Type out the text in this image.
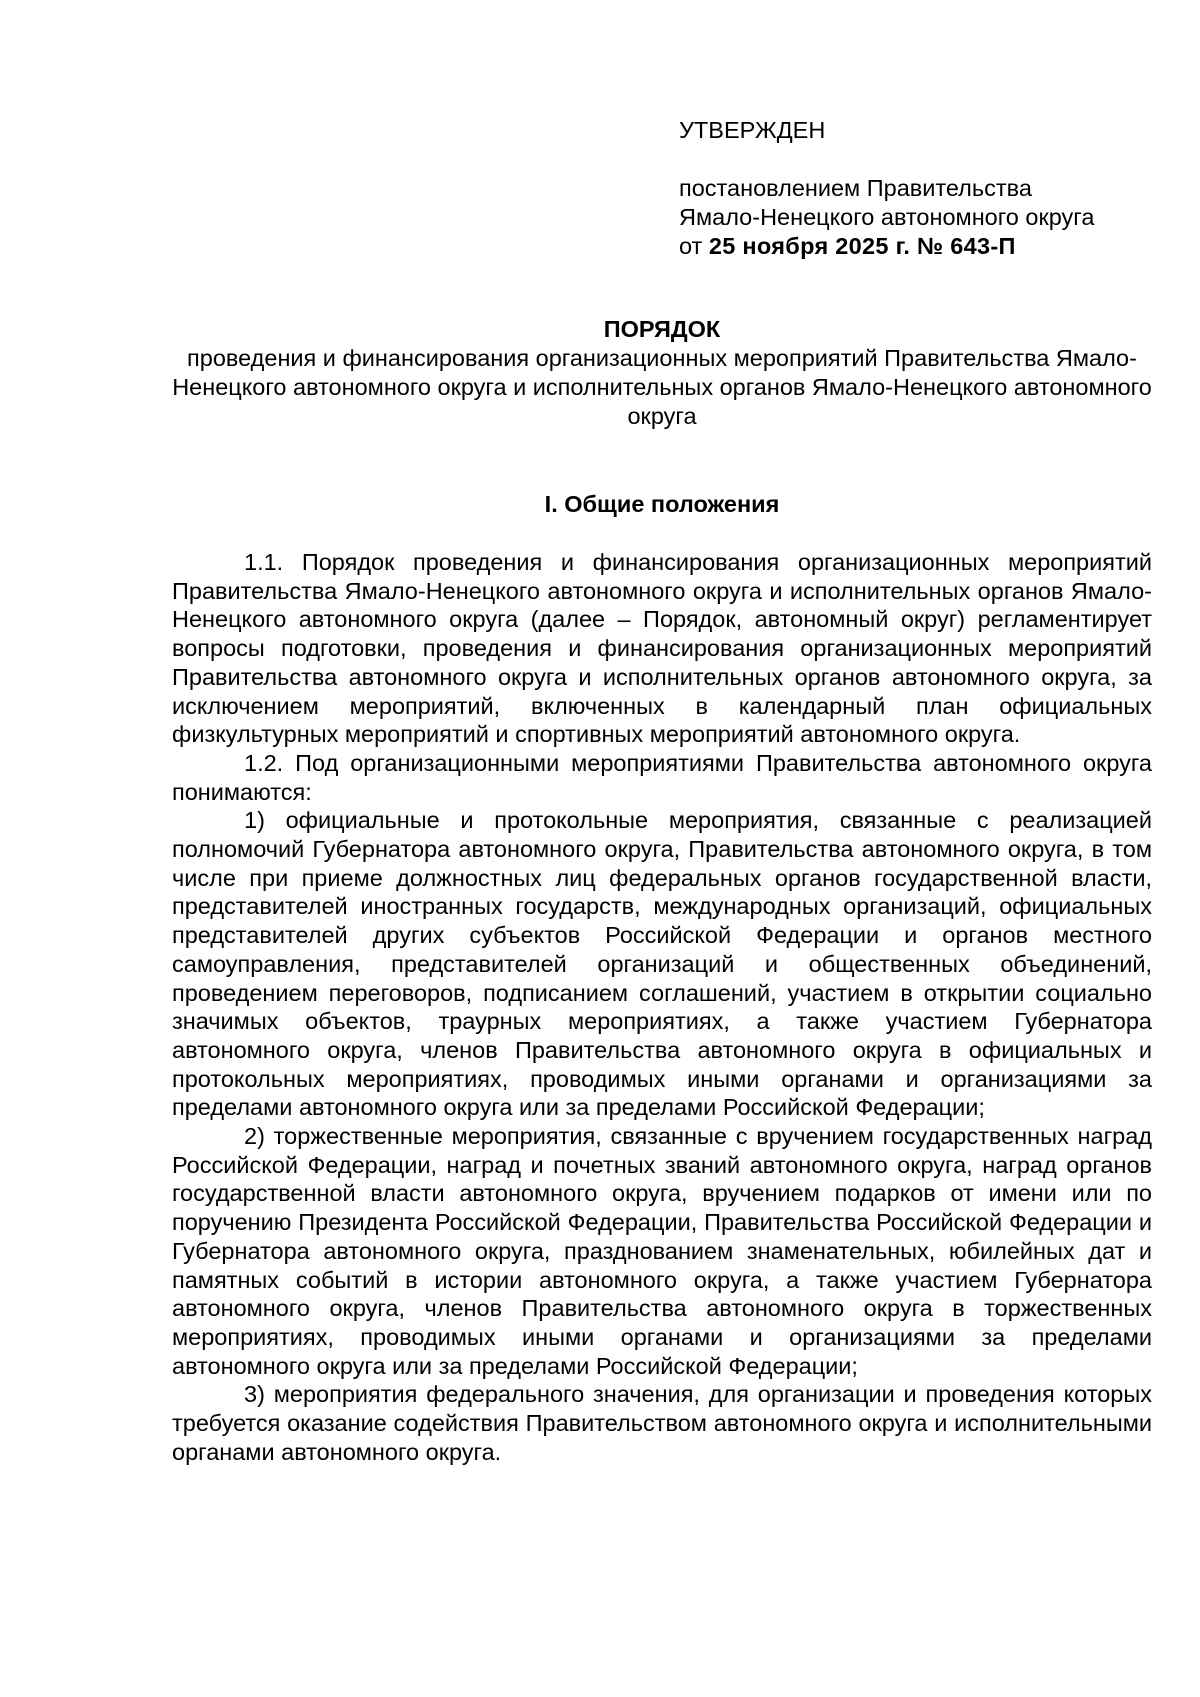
УТВЕРЖДЕН

постановлением Правительства

Ямало-Ненецкого автономного округа

от 25 ноября 2025 г. № 643-П

ПОРЯДОК

проведения и финансирования организационных мероприятий Правительства Ямало-Ненецкого автономного округа и исполнительных органов Ямало-Ненецкого автономного округа

I. Общие положения

1.1. Порядок проведения и финансирования организационных мероприятий Правительства Ямало-Ненецкого автономного округа и исполнительных органов Ямало-Ненецкого автономного округа (далее – Порядок, автономный округ) регламентирует вопросы подготовки, проведения и финансирования организационных мероприятий Правительства автономного округа и исполнительных органов автономного округа, за исключением мероприятий, включенных в календарный план официальных физкультурных мероприятий и спортивных мероприятий автономного округа.

1.2. Под организационными мероприятиями Правительства автономного округа понимаются:

1) официальные и протокольные мероприятия, связанные с реализацией полномочий Губернатора автономного округа, Правительства автономного округа, в том числе при приеме должностных лиц федеральных органов государственной власти, представителей иностранных государств, международных организаций, официальных представителей других субъектов Российской Федерации и органов местного самоуправления, представителей организаций и общественных объединений, проведением переговоров, подписанием соглашений, участием в открытии социально значимых объектов, траурных мероприятиях, а также участием Губернатора автономного округа, членов Правительства автономного округа в официальных и протокольных мероприятиях, проводимых иными органами и организациями за пределами автономного округа или за пределами Российской Федерации;

2) торжественные мероприятия, связанные с вручением государственных наград Российской Федерации, наград и почетных званий автономного округа, наград органов государственной власти автономного округа, вручением подарков от имени или по поручению Президента Российской Федерации, Правительства Российской Федерации и Губернатора автономного округа, празднованием знаменательных, юбилейных дат и памятных событий в истории автономного округа, а также участием Губернатора автономного округа, членов Правительства автономного округа в торжественных мероприятиях, проводимых иными органами и организациями за пределами автономного округа или за пределами Российской Федерации;

3) мероприятия федерального значения, для организации и проведения которых требуется оказание содействия Правительством автономного округа и исполнительными органами автономного округа.
